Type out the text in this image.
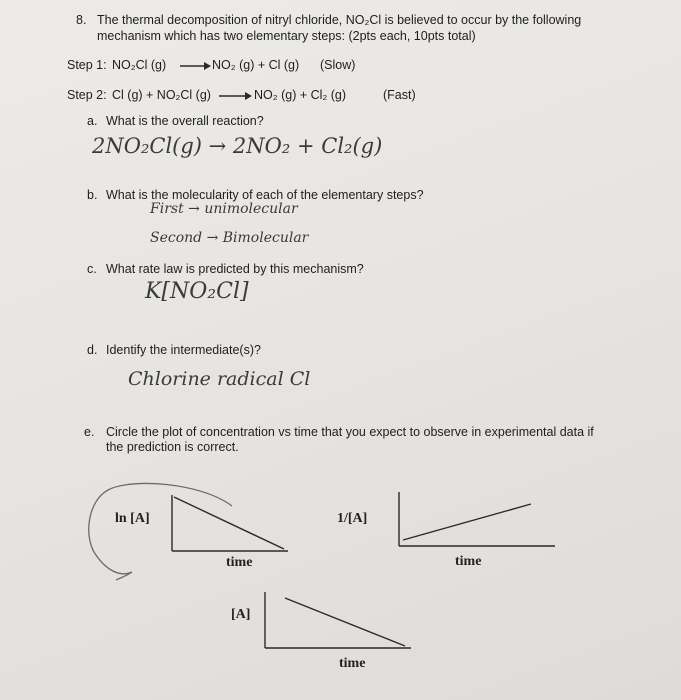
8. The thermal decomposition of nitryl chloride, NO₂Cl is believed to occur by the following
mechanism which has two elementary steps: (2pts each, 10pts total)
Step 1: NO₂Cl (g)	NO₂ (g) + Cl (g) (Slow)
Step 2: Cl (g) + NO₂Cl (g)	NO₂ (g) + Cl₂ (g)	(Fast)
a. What is the overall reaction?
2NO₂Cl(g) → 2NO₂ + Cl₂(g)
b. What is the molecularity of each of the elementary steps?
First → unimolecular
Second → Bimolecular
c. What rate law is predicted by this mechanism?
K[NO₂Cl]
d. Identify the intermediate(s)?
Chlorine radical Cl
e. Circle the plot of concentration vs time that you expect to observe in experimental data if
the prediction is correct.
ln [A]
time
1/[A]
time
[A]
time
